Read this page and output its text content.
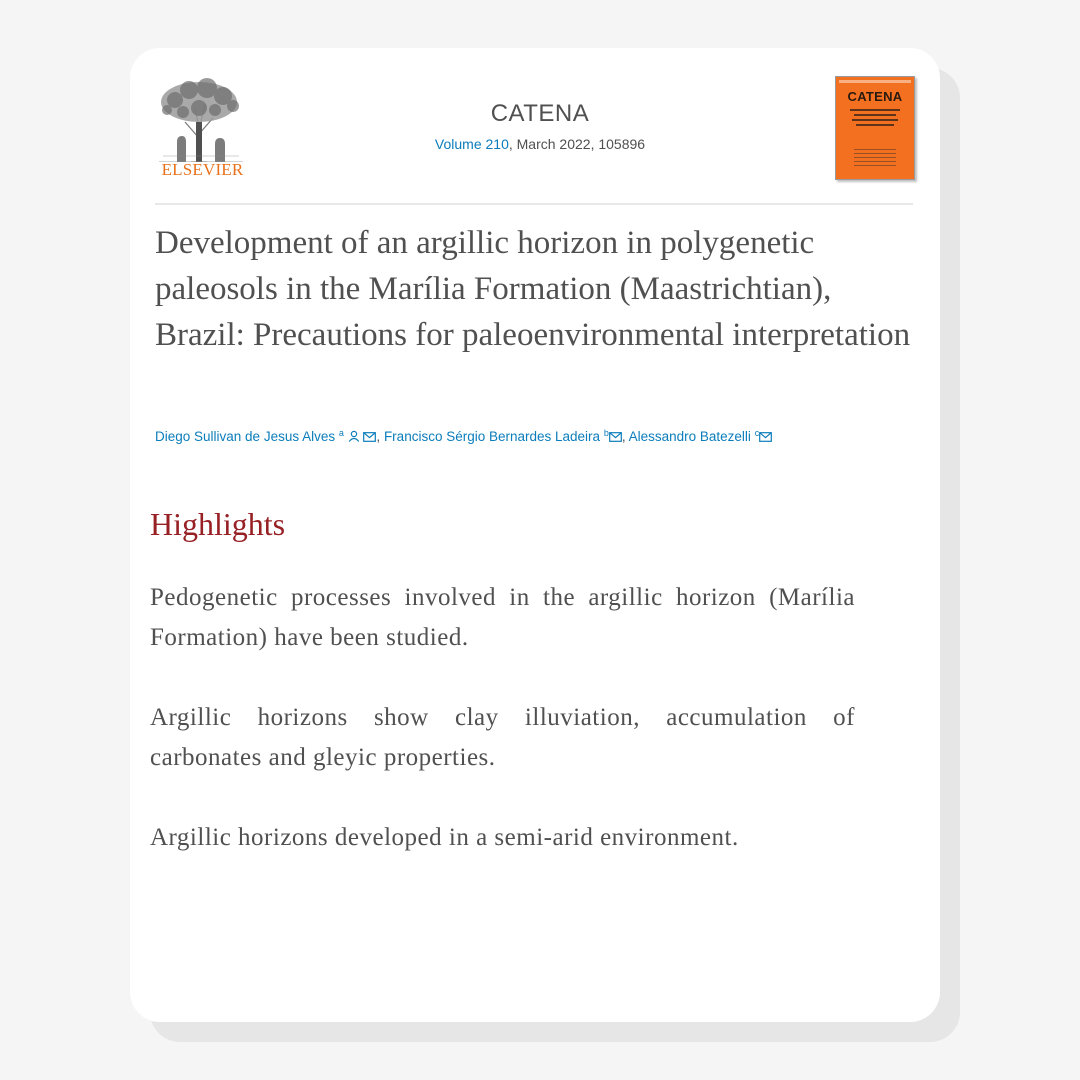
ELSEVIER
CATENA
Volume 210, March 2022, 105896
CATENA
Development of an argillic horizon in polygenetic paleosols in the Marília Formation (Maastrichtian), Brazil: Precautions for paleoenvironmental interpretation
Diego Sullivan de Jesus Alves $^a$ , Francisco Sérgio Bernardes Ladeira $^b$ , Alessandro Batezelli $^c$
Highlights
Pedogenetic processes involved in the argillic horizon (Marília Formation) have been studied.
Argillic horizons show clay illuviation, accumulation of carbonates and gleyic properties.
Argillic horizons developed in a semi-arid environment.
